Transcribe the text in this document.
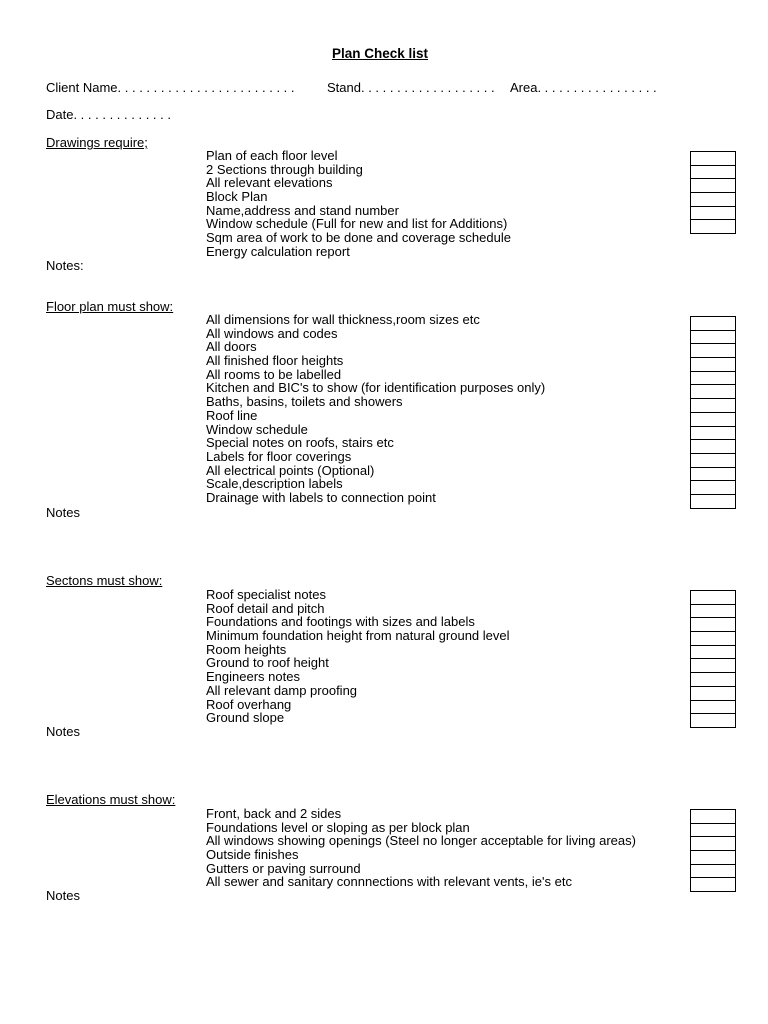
Plan Check list
Client Name. . . . . . . . . . . . . . . . . . . . . . . . . Stand. . . . . . . . . . . . . . . . . . . Area. . . . . . . . . . . . . . . . .
Date. . . . . . . . . . . . . .
Drawings require;
Plan of each floor level
2 Sections through building
All relevant elevations
Block Plan
Name,address and stand number
Window schedule (Full for new and list for Additions)
Sqm area of work to be done and coverage schedule
Energy calculation report
Notes:
Floor plan must show:
All dimensions for wall thickness,room sizes etc
All windows and codes
All doors
All finished floor heights
All rooms to be labelled
Kitchen and BIC's to show (for identification purposes only)
Baths, basins, toilets and showers
Roof line
Window schedule
Special notes on roofs, stairs etc
Labels for floor coverings
All electrical points (Optional)
Scale,description labels
Drainage with labels to connection point
Notes
Sectons must show:
Roof specialist notes
Roof detail and pitch
Foundations and footings with sizes and labels
Minimum foundation height from natural ground level
Room heights
Ground to roof height
Engineers notes
All relevant damp proofing
Roof overhang
Ground slope
Notes
Elevations must show:
Front, back and 2 sides
Foundations level or sloping as per block plan
All windows showing openings (Steel no longer acceptable for living areas)
Outside finishes
Gutters or paving surround
All sewer and sanitary connnections with relevant vents, ie's etc
Notes
